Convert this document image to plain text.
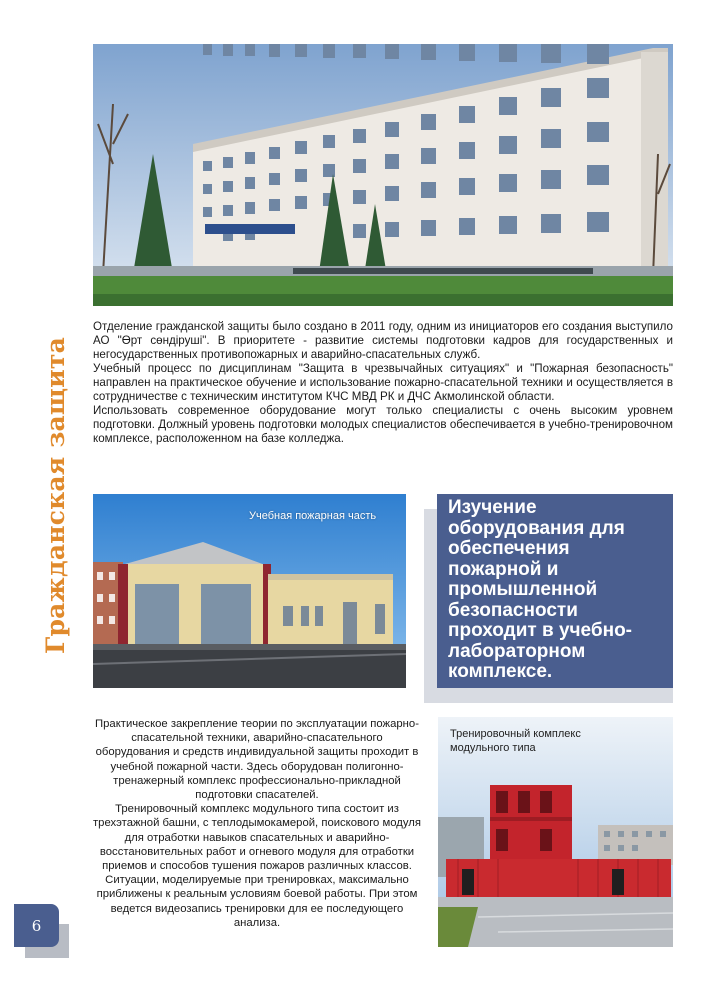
Гражданская защита

Отделение гражданской защиты было создано в 2011 году, одним из инициаторов его создания выступило АО "Өрт сөндіруші". В приоритете - развитие системы подготовки кадров для государственных и негосударственных противопожарных и аварийно-спасательных служб.

Учебный процесс по дисциплинам "Защита в чрезвычайных ситуациях" и "Пожарная безопасность" направлен на практическое обучение и использование пожарно-спасательной техники и осуществляется в сотрудничестве с техническим институтом КЧС МВД РК и ДЧС Акмолинской области.

Использовать современное оборудование могут только специалисты с очень высоким уровнем подготовки. Должный уровень подготовки молодых специалистов обеспечивается в учебно-тренировочном комплексе, расположенном на базе колледжа.

Учебная пожарная часть	Изучение оборудования для обеспечения пожарной и промышленной безопасности проходит в учебно-лабораторном комплексе.

Практическое закрепление теории по эксплуатации пожарно-спасательной техники, аварийно-спасательного оборудования и средств индивидуальной защиты проходит в учебной пожарной части. Здесь оборудован полигонно-тренажерный комплекс профессионально-прикладной подготовки спасателей.

Тренировочный комплекс модульного типа состоит из трехэтажной башни, с теплодымокамерой, поискового модуля для отработки навыков спасательных и аварийно-восстановительных работ и огневого модуля для отработки приемов и способов тушения пожаров различных классов.

Ситуации, моделируемые при тренировках, максимально приближены к реальным условиям боевой работы. При этом ведется видеозапись тренировки для ее последующего анализа.

Тренировочный комплекс модульного типа
6
